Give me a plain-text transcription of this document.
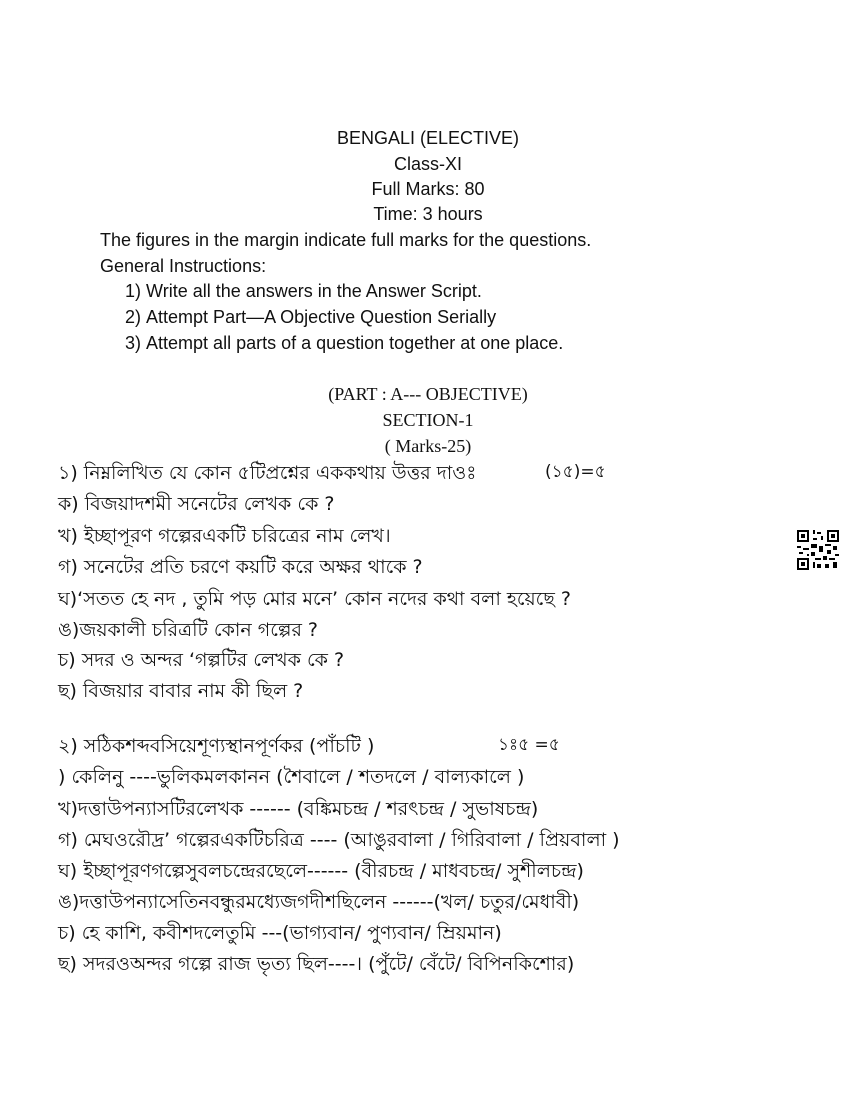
BENGALI (ELECTIVE)
Class-XI
Full Marks: 80
Time: 3 hours
The figures in the margin indicate full marks for the questions.
General Instructions:
1) Write all the answers in the Answer Script.
2) Attempt Part—A Objective Question Serially
3) Attempt all parts of a question together at one place.
(PART : A--- OBJECTIVE)
SECTION-1
( Marks-25)
১) নিম্নলিখিত যে কোন ৫টিপ্রশ্নের এককথায় উত্তর দাওঃ	(১৫)=৫
ক) বিজয়াদশমী সনেটের লেখক কে ?
খ) ইচ্ছাপূরণ গল্পেরএকটি চরিত্রের নাম লেখ।
গ) সনেটের প্রতি চরণে কয়টি করে অক্ষর থাকে ?
ঘ)‘সতত হে নদ , তুমি পড় মোর মনে’ কোন নদের কথা বলা হয়েছে ?
ঙ)জয়কালী চরিত্রটি কোন গল্পের ?
চ) সদর ও অন্দর ‘গল্পটির লেখক কে ?
ছ) বিজয়ার বাবার নাম কী ছিল ?
২) সঠিকশব্দবসিয়েশূণ্যস্থানপূর্ণকর (পাঁচটি )	১ঃ৫ =৫
) কেলিনু ----ভুলিকমলকানন (শৈবালে / শতদলে / বাল্যকালে )
খ)দত্তাউপন্যাসটিরলেখক ------ (বঙ্কিমচন্দ্র / শরৎচন্দ্র / সুভাষচন্দ্র)
গ) মেঘওরৌদ্র’ গল্পেরএকটিচরিত্র ---- (আঙুরবালা / গিরিবালা / প্রিয়বালা )
ঘ) ইচ্ছাপূরণগল্পেসুবলচন্দ্রেরছেলে------ (বীরচন্দ্র / মাধবচন্দ্র/ সুশীলচন্দ্র)
ঙ)দত্তাউপন্যাসেতিনবন্ধুরমধ্যেজগদীশছিলেন ------(খল/ চতুর/মেধাবী)
চ) হে কাশি, কবীশদলেতুমি ---(ভাগ্যবান/ পুণ্যবান/ ম্রিয়মান)
ছ) সদরওঅন্দর গল্পে রাজ ভৃত্য ছিল----। (পুঁটে/ বেঁটে/ বিপিনকিশোর)
